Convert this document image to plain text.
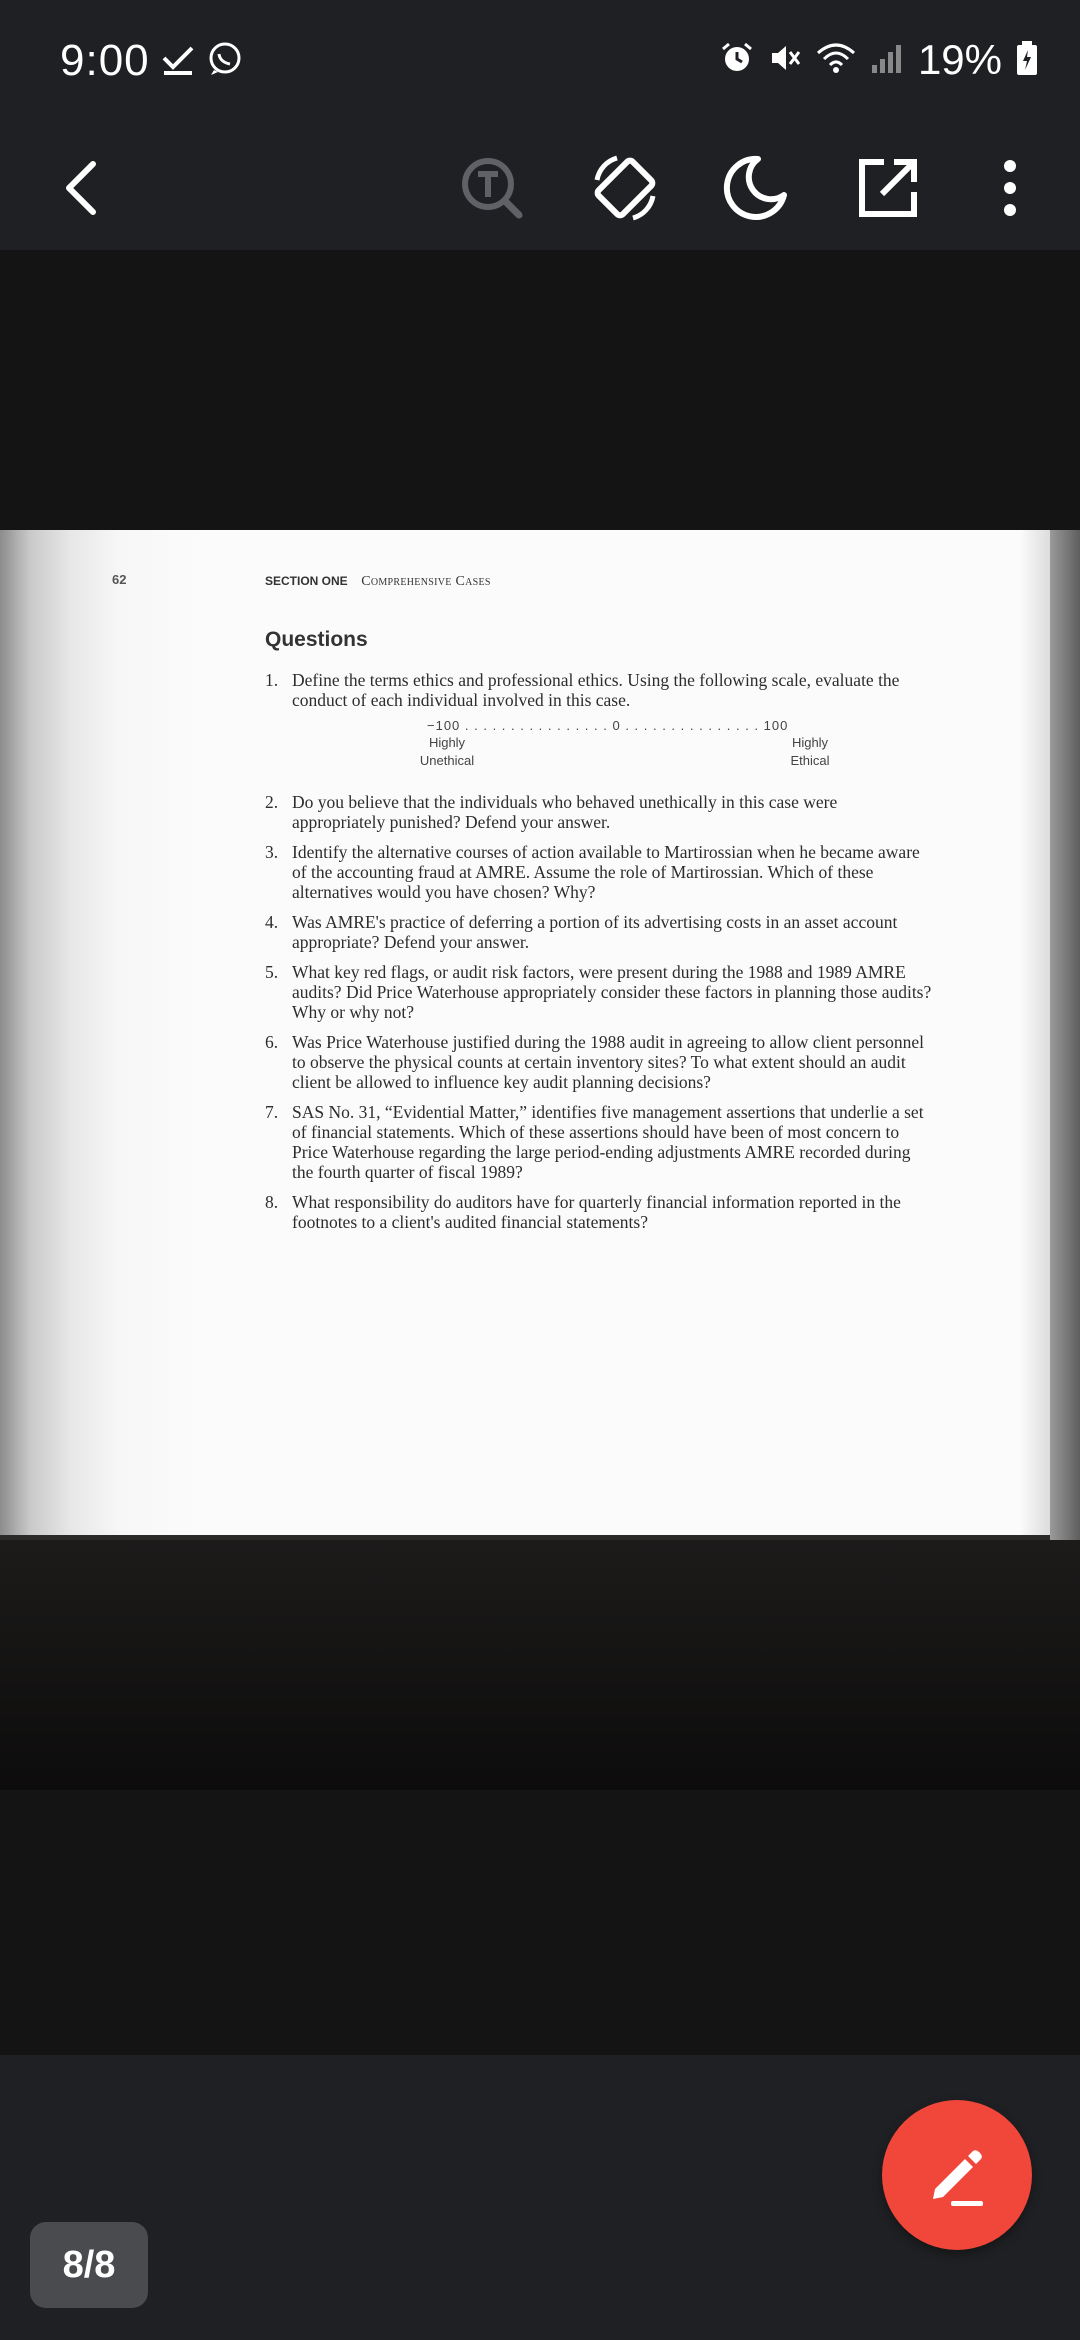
9:00	19%
62	SECTION ONE Comprehensive Cases
Questions
1. Define the terms ethics and professional ethics. Using the following scale, evaluate the conduct of each individual involved in this case.
−100 . . . . . . . . . . . . . . . . 0 . . . . . . . . . . . . . . . 100
Highly
Unethical
Highly
Ethical
2. Do you believe that the individuals who behaved unethically in this case were appropriately punished? Defend your answer.
3. Identify the alternative courses of action available to Martirossian when he became aware of the accounting fraud at AMRE. Assume the role of Martirossian. Which of these alternatives would you have chosen? Why?
4. Was AMRE's practice of deferring a portion of its advertising costs in an asset account appropriate? Defend your answer.
5. What key red flags, or audit risk factors, were present during the 1988 and 1989 AMRE audits? Did Price Waterhouse appropriately consider these factors in planning those audits? Why or why not?
6. Was Price Waterhouse justified during the 1988 audit in agreeing to allow client personnel to observe the physical counts at certain inventory sites? To what extent should an audit client be allowed to influence key audit planning decisions?
7. SAS No. 31, “Evidential Matter,” identifies five management assertions that underlie a set of financial statements. Which of these assertions should have been of most concern to Price Waterhouse regarding the large period-ending adjustments AMRE recorded during the fourth quarter of fiscal 1989?
8. What responsibility do auditors have for quarterly financial information reported in the footnotes to a client's audited financial statements?
8/8
